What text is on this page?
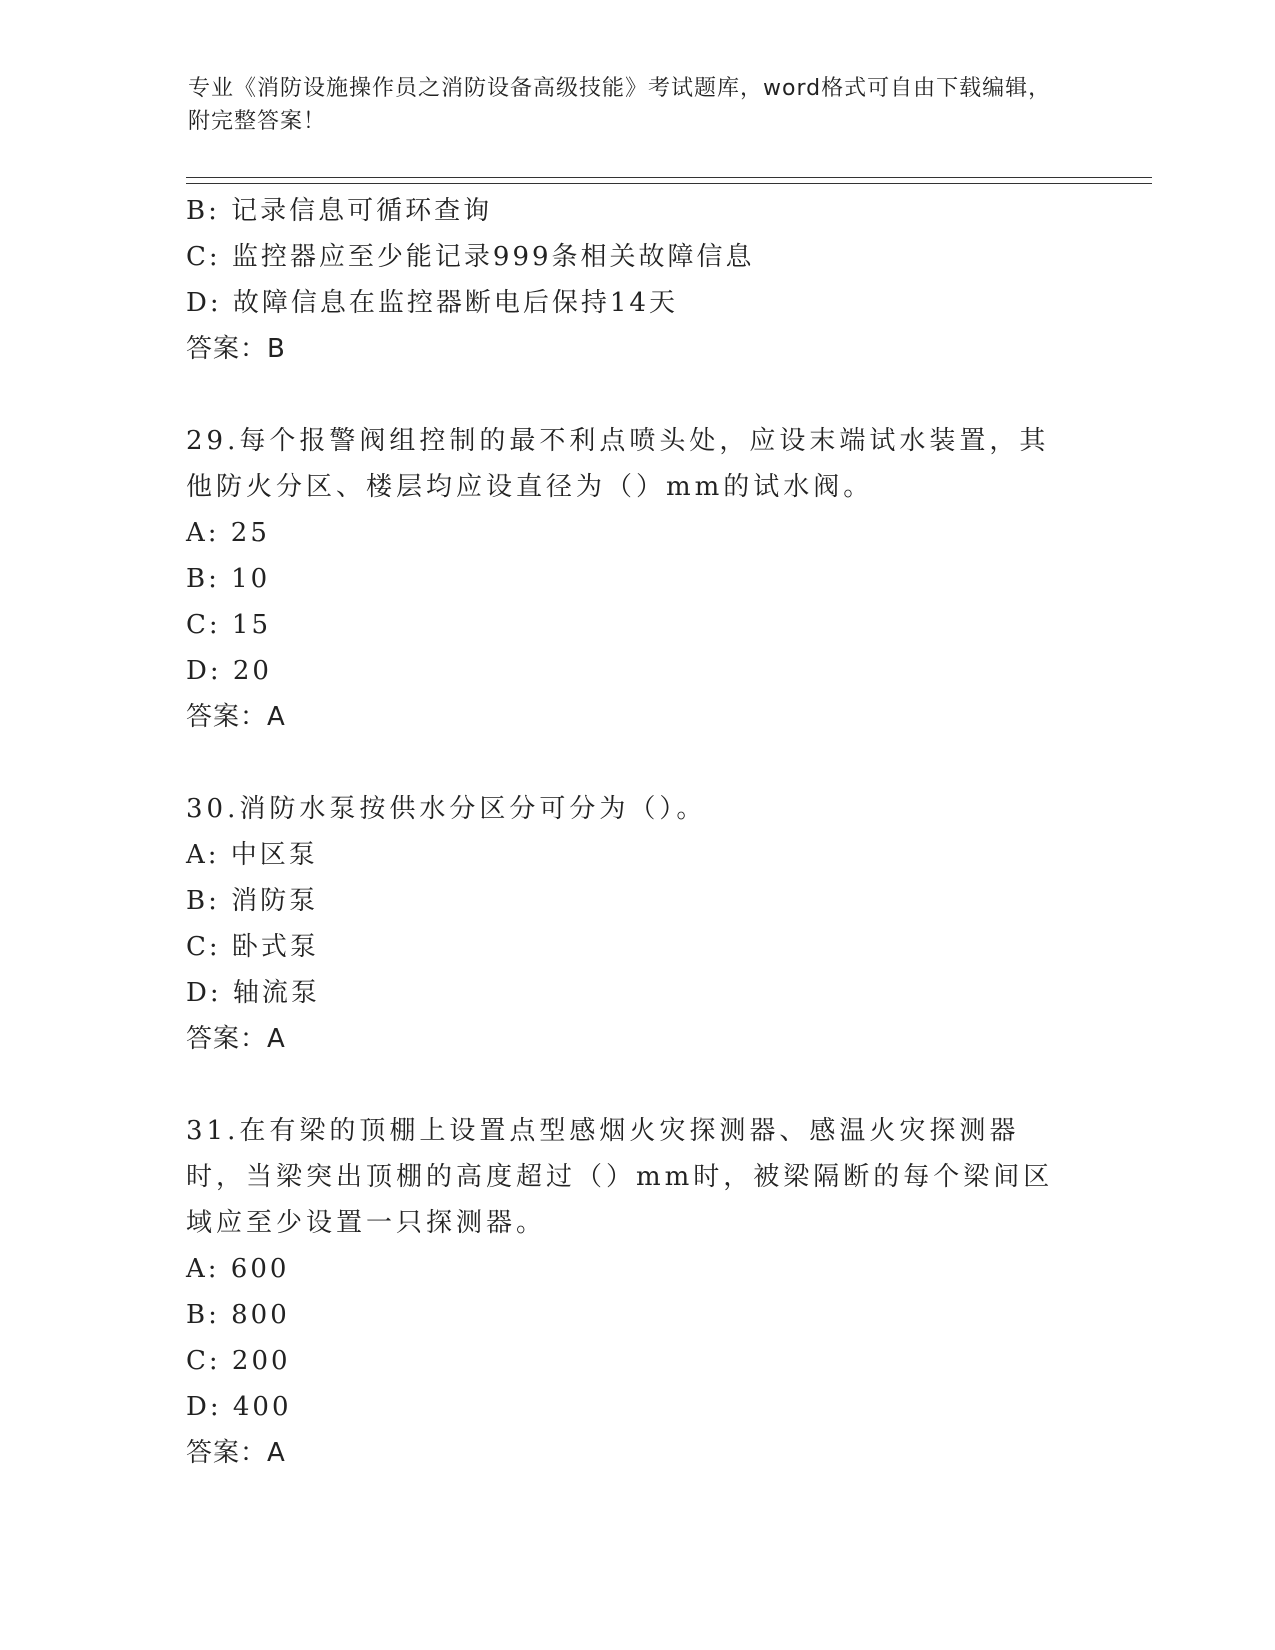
专业《消防设施操作员之消防设备高级技能》考试题库，word格式可自由下载编辑，附完整答案！
B: 记录信息可循环查询
C: 监控器应至少能记录999条相关故障信息
D: 故障信息在监控器断电后保持14天
答案：B
29.每个报警阀组控制的最不利点喷头处，应设末端试水装置，其他防火分区、楼层均应设直径为（）mm的试水阀。
A: 25
B: 10
C: 15
D: 20
答案：A
30.消防水泵按供水分区分可分为（）。
A: 中区泵
B: 消防泵
C: 卧式泵
D: 轴流泵
答案：A
31.在有梁的顶棚上设置点型感烟火灾探测器、感温火灾探测器时，当梁突出顶棚的高度超过（）mm时，被梁隔断的每个梁间区域应至少设置一只探测器。
A: 600
B: 800
C: 200
D: 400
答案：A
